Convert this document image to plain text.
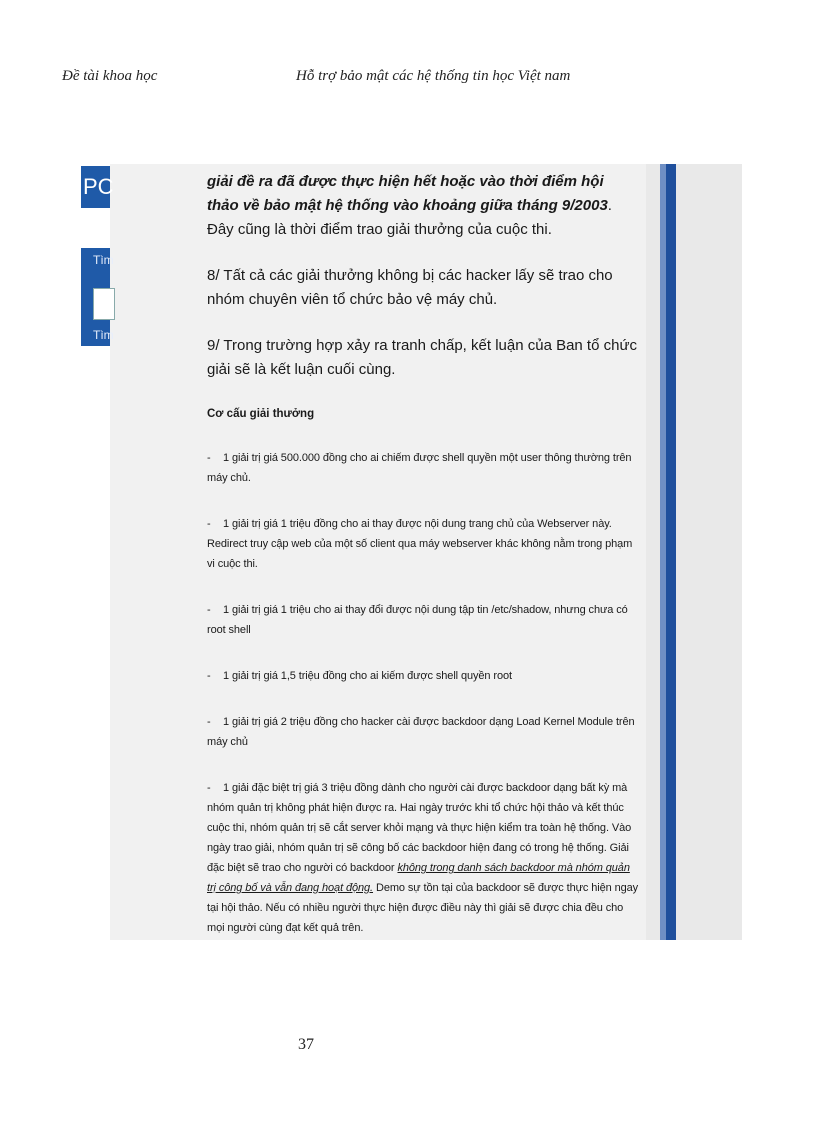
Đề tài khoa học	Hỗ trợ bảo mật các hệ thống tin học Việt nam
PC
Tìm
Tìm

giải đề ra đã được thực hiện hết hoặc vào thời điểm hội thảo về bảo mật hệ thống vào khoảng giữa tháng 9/2003. Đây cũng là thời điểm trao giải thưởng của cuộc thi.

8/ Tất cả các giải thưởng không bị các hacker lấy sẽ trao cho nhóm chuyên viên tổ chức bảo vệ máy chủ.

9/ Trong trường hợp xảy ra tranh chấp, kết luận của Ban tổ chức giải sẽ là kết luận cuối cùng.

Cơ cấu giải thưởng

- 1 giải trị giá 500.000 đồng cho ai chiếm được shell quyền một user thông thường trên máy chủ.

- 1 giải trị giá 1 triệu đồng cho ai thay được nội dung trang chủ của Webserver này. Redirect truy cập web của một số client qua máy webserver khác không nằm trong phạm vi cuộc thi.

- 1 giải trị giá 1 triệu cho ai thay đổi được nội dung tập tin /etc/shadow, nhưng chưa có root shell

- 1 giải trị giá 1,5 triệu đồng cho ai kiếm được shell quyền root

- 1 giải trị giá 2 triệu đồng cho hacker cài được backdoor dạng Load Kernel Module trên máy chủ

- 1 giải đặc biệt trị giá 3 triệu đồng dành cho người cài được backdoor dạng bất kỳ mà nhóm quản trị không phát hiện được ra. Hai ngày trước khi tổ chức hội thảo và kết thúc cuộc thi, nhóm quản trị sẽ cắt server khỏi mạng và thực hiện kiểm tra toàn hệ thống. Vào ngày trao giải, nhóm quản trị sẽ công bố các backdoor hiện đang có trong hệ thống. Giải đặc biệt sẽ trao cho người có backdoor không trong danh sách backdoor mà nhóm quản trị công bố và vẫn đang hoạt động. Demo sự tồn tại của backdoor sẽ được thực hiện ngay tại hội thảo. Nếu có nhiều người thực hiện được điều này thì giải sẽ được chia đều cho mọi người cùng đạt kết quả trên.

37
